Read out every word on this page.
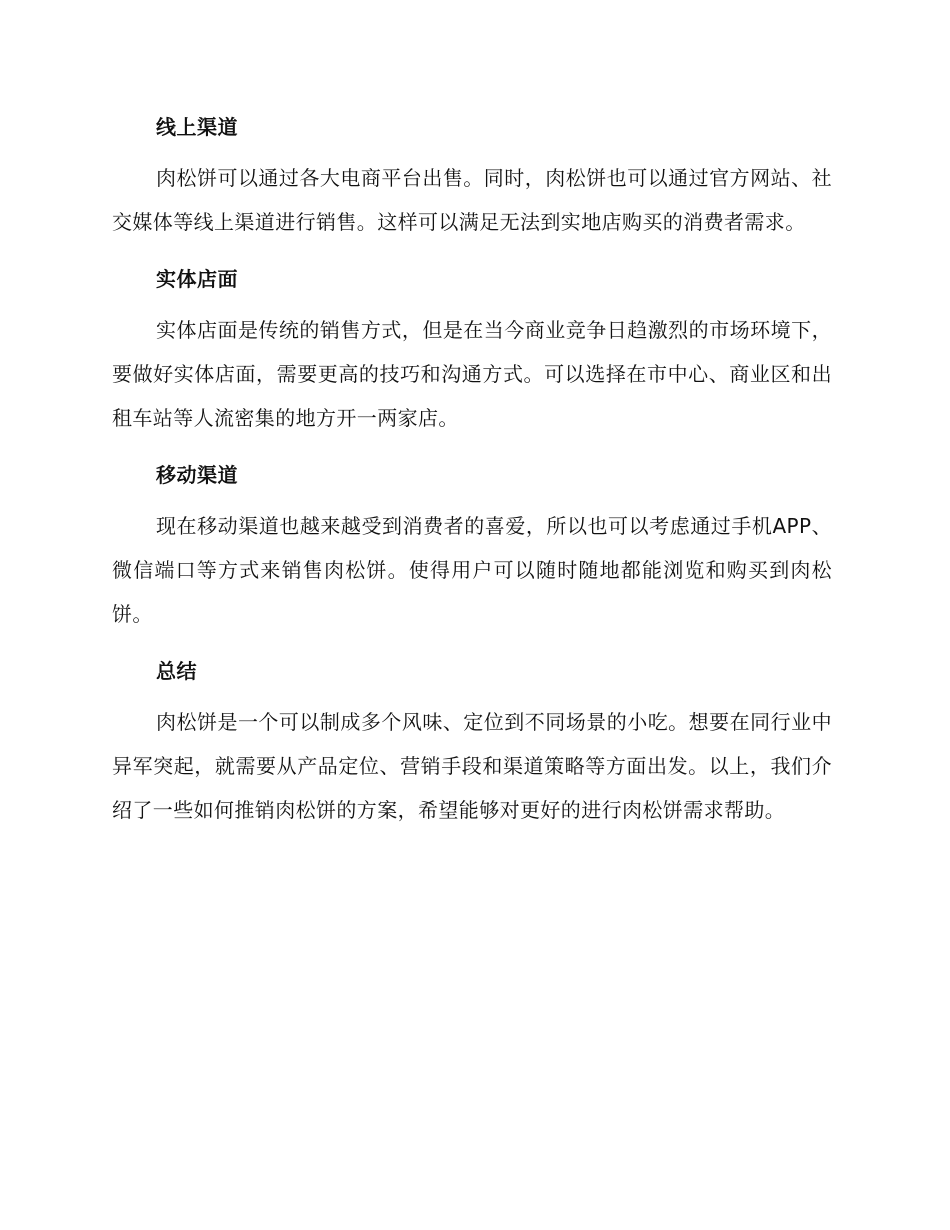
线上渠道

肉松饼可以通过各大电商平台出售。同时，肉松饼也可以通过官方网站、社交媒体等线上渠道进行销售。这样可以满足无法到实地店购买的消费者需求。

实体店面

实体店面是传统的销售方式，但是在当今商业竞争日趋激烈的市场环境下，要做好实体店面，需要更高的技巧和沟通方式。可以选择在市中心、商业区和出租车站等人流密集的地方开一两家店。

移动渠道

现在移动渠道也越来越受到消费者的喜爱，所以也可以考虑通过手机APP、微信端口等方式来销售肉松饼。使得用户可以随时随地都能浏览和购买到肉松饼。

总结

肉松饼是一个可以制成多个风味、定位到不同场景的小吃。想要在同行业中异军突起，就需要从产品定位、营销手段和渠道策略等方面出发。以上，我们介绍了一些如何推销肉松饼的方案，希望能够对更好的进行肉松饼需求帮助。
